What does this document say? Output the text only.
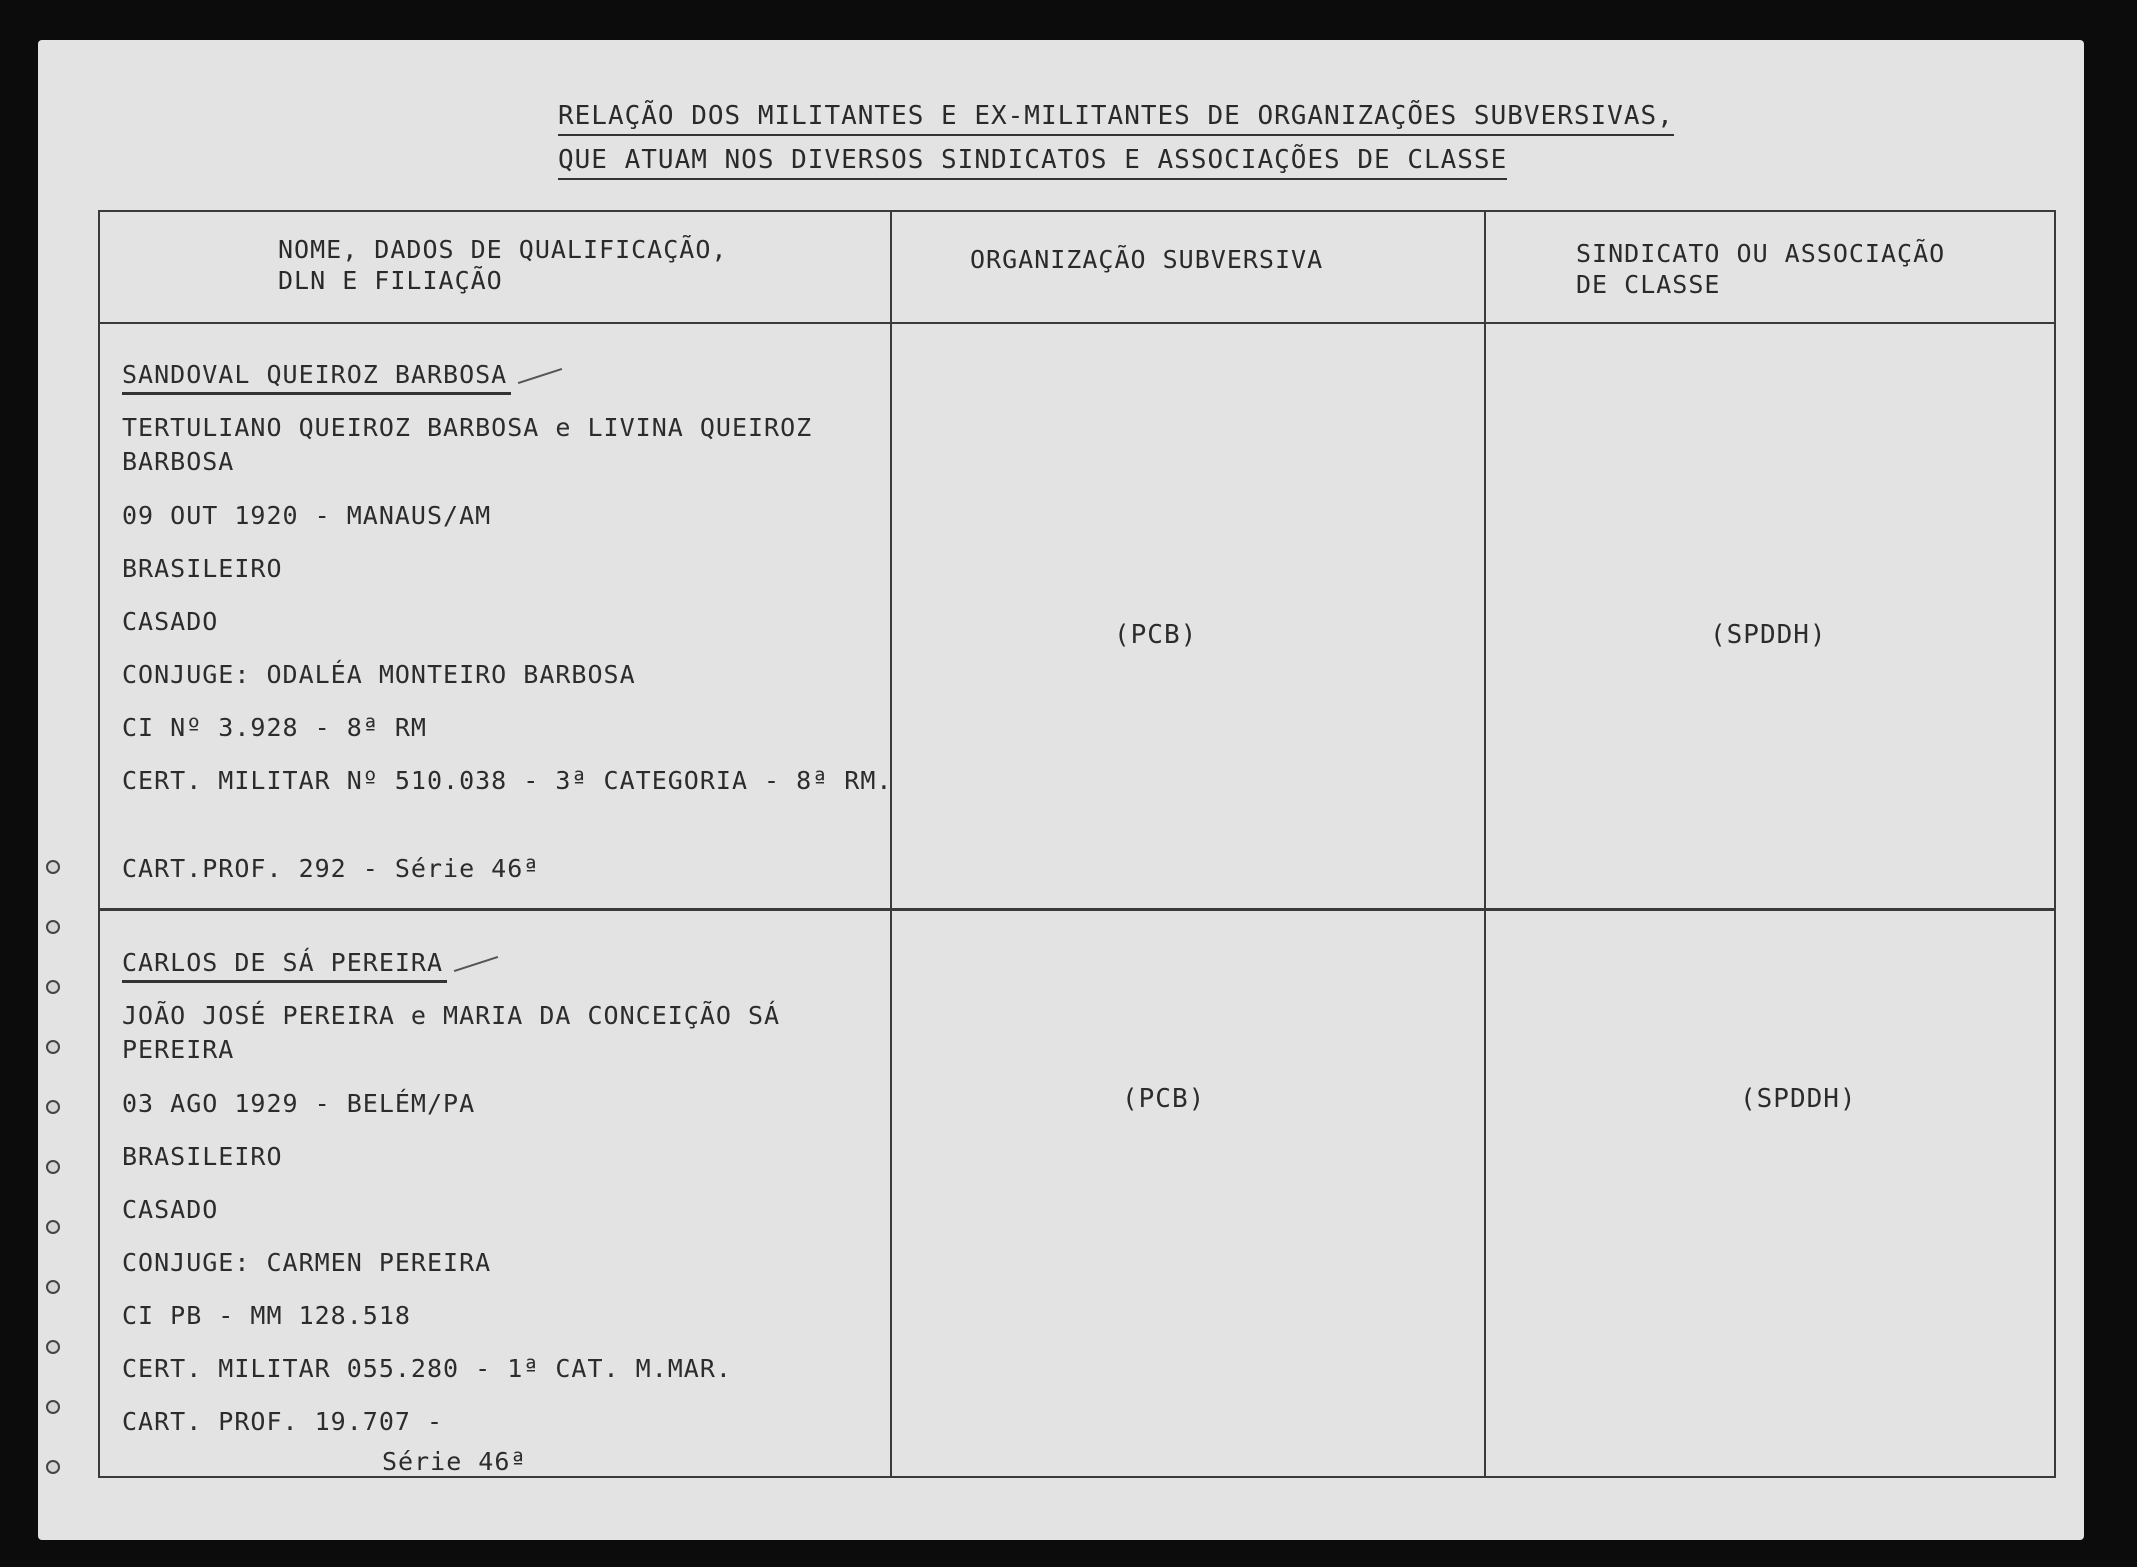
RELAÇÃO DOS MILITANTES E EX-MILITANTES DE ORGANIZAÇÕES SUBVERSIVAS,
QUE ATUAM NOS DIVERSOS SINDICATOS E ASSOCIAÇÕES DE CLASSE
NOME, DADOS DE QUALIFICAÇÃO,
DLN E FILIAÇÃO
ORGANIZAÇÃO SUBVERSIVA	SINDICATO OU ASSOCIAÇÃO
DE CLASSE
SANDOVAL QUEIROZ BARBOSA
TERTULIANO QUEIROZ BARBOSA e LIVINA QUEIROZ BARBOSA
09 OUT 1920 - MANAUS/AM
BRASILEIRO
CASADO
CONJUGE: ODALÉA MONTEIRO BARBOSA
CI Nº 3.928 - 8ª RM
CERT. MILITAR Nº 510.038 - 3ª CATEGORIA - 8ª RM.
CART.PROF. 292 - Série 46ª
(PCB)	(SPDDH)
CARLOS DE SÁ PEREIRA
JOÃO JOSÉ PEREIRA e MARIA DA CONCEIÇÃO SÁ PEREIRA
03 AGO 1929 - BELÉM/PA
BRASILEIRO
CASADO
CONJUGE: CARMEN PEREIRA
CI PB - MM 128.518
CERT. MILITAR 055.280 - 1ª CAT. M.MAR.
CART. PROF. 19.707 -
Série 46ª
(PCB)	(SPDDH)
